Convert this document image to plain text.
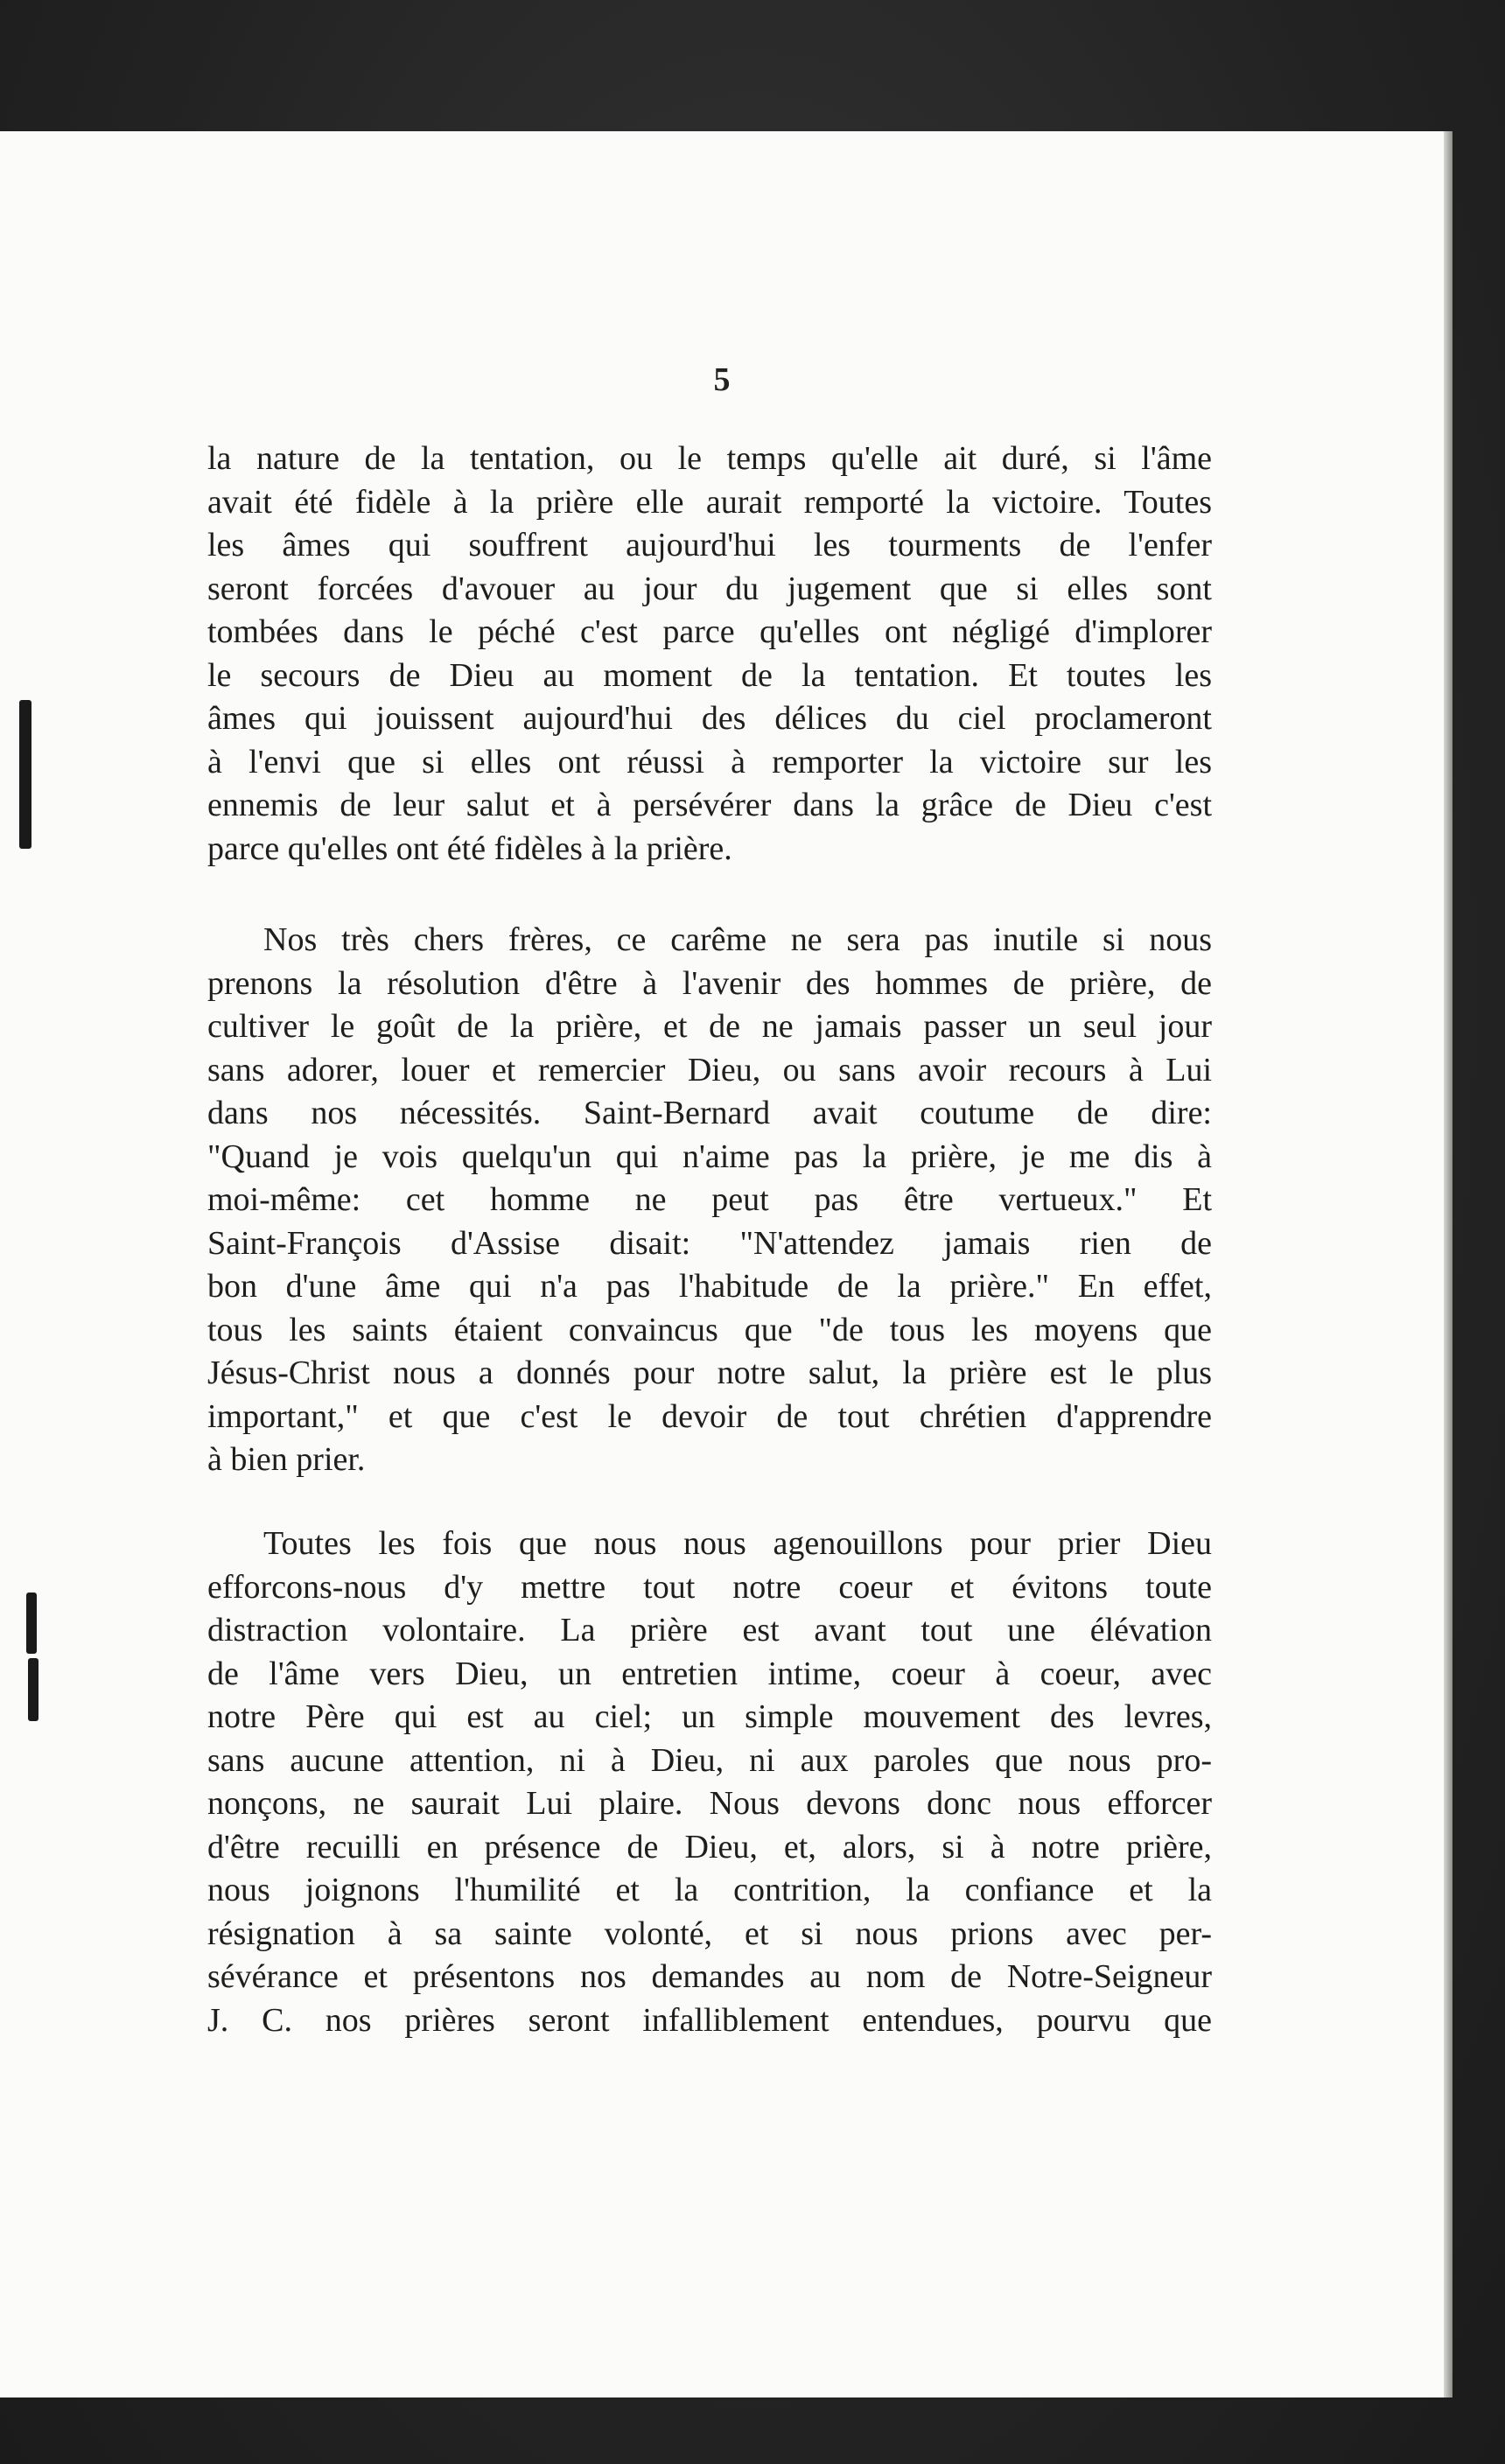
5
la nature de la tentation, ou le temps qu'elle ait duré, si l'âme
avait été fidèle à la prière elle aurait remporté la victoire. Toutes
les âmes qui souffrent aujourd'hui les tourments de l'enfer
seront forcées d'avouer au jour du jugement que si elles sont
tombées dans le péché c'est parce qu'elles ont négligé d'implorer
le secours de Dieu au moment de la tentation. Et toutes les
âmes qui jouissent aujourd'hui des délices du ciel proclameront
à l'envi que si elles ont réussi à remporter la victoire sur les
ennemis de leur salut et à persévérer dans la grâce de Dieu c'est
parce qu'elles ont été fidèles à la prière.
Nos très chers frères, ce carême ne sera pas inutile si nous
prenons la résolution d'être à l'avenir des hommes de prière, de
cultiver le goût de la prière, et de ne jamais passer un seul jour
sans adorer, louer et remercier Dieu, ou sans avoir recours à Lui
dans nos nécessités. Saint-Bernard avait coutume de dire:
"Quand je vois quelqu'un qui n'aime pas la prière, je me dis à
moi-même: cet homme ne peut pas être vertueux." Et
Saint-François d'Assise disait: "N'attendez jamais rien de
bon d'une âme qui n'a pas l'habitude de la prière." En effet,
tous les saints étaient convaincus que "de tous les moyens que
Jésus-Christ nous a donnés pour notre salut, la prière est le plus
important," et que c'est le devoir de tout chrétien d'apprendre
à bien prier.
Toutes les fois que nous nous agenouillons pour prier Dieu
efforcons-nous d'y mettre tout notre coeur et évitons toute
distraction volontaire. La prière est avant tout une élévation
de l'âme vers Dieu, un entretien intime, coeur à coeur, avec
notre Père qui est au ciel; un simple mouvement des levres,
sans aucune attention, ni à Dieu, ni aux paroles que nous pro-
nonçons, ne saurait Lui plaire. Nous devons donc nous efforcer
d'être recuilli en présence de Dieu, et, alors, si à notre prière,
nous joignons l'humilité et la contrition, la confiance et la
résignation à sa sainte volonté, et si nous prions avec per-
sévérance et présentons nos demandes au nom de Notre-Seigneur
J. C. nos prières seront infalliblement entendues, pourvu que
